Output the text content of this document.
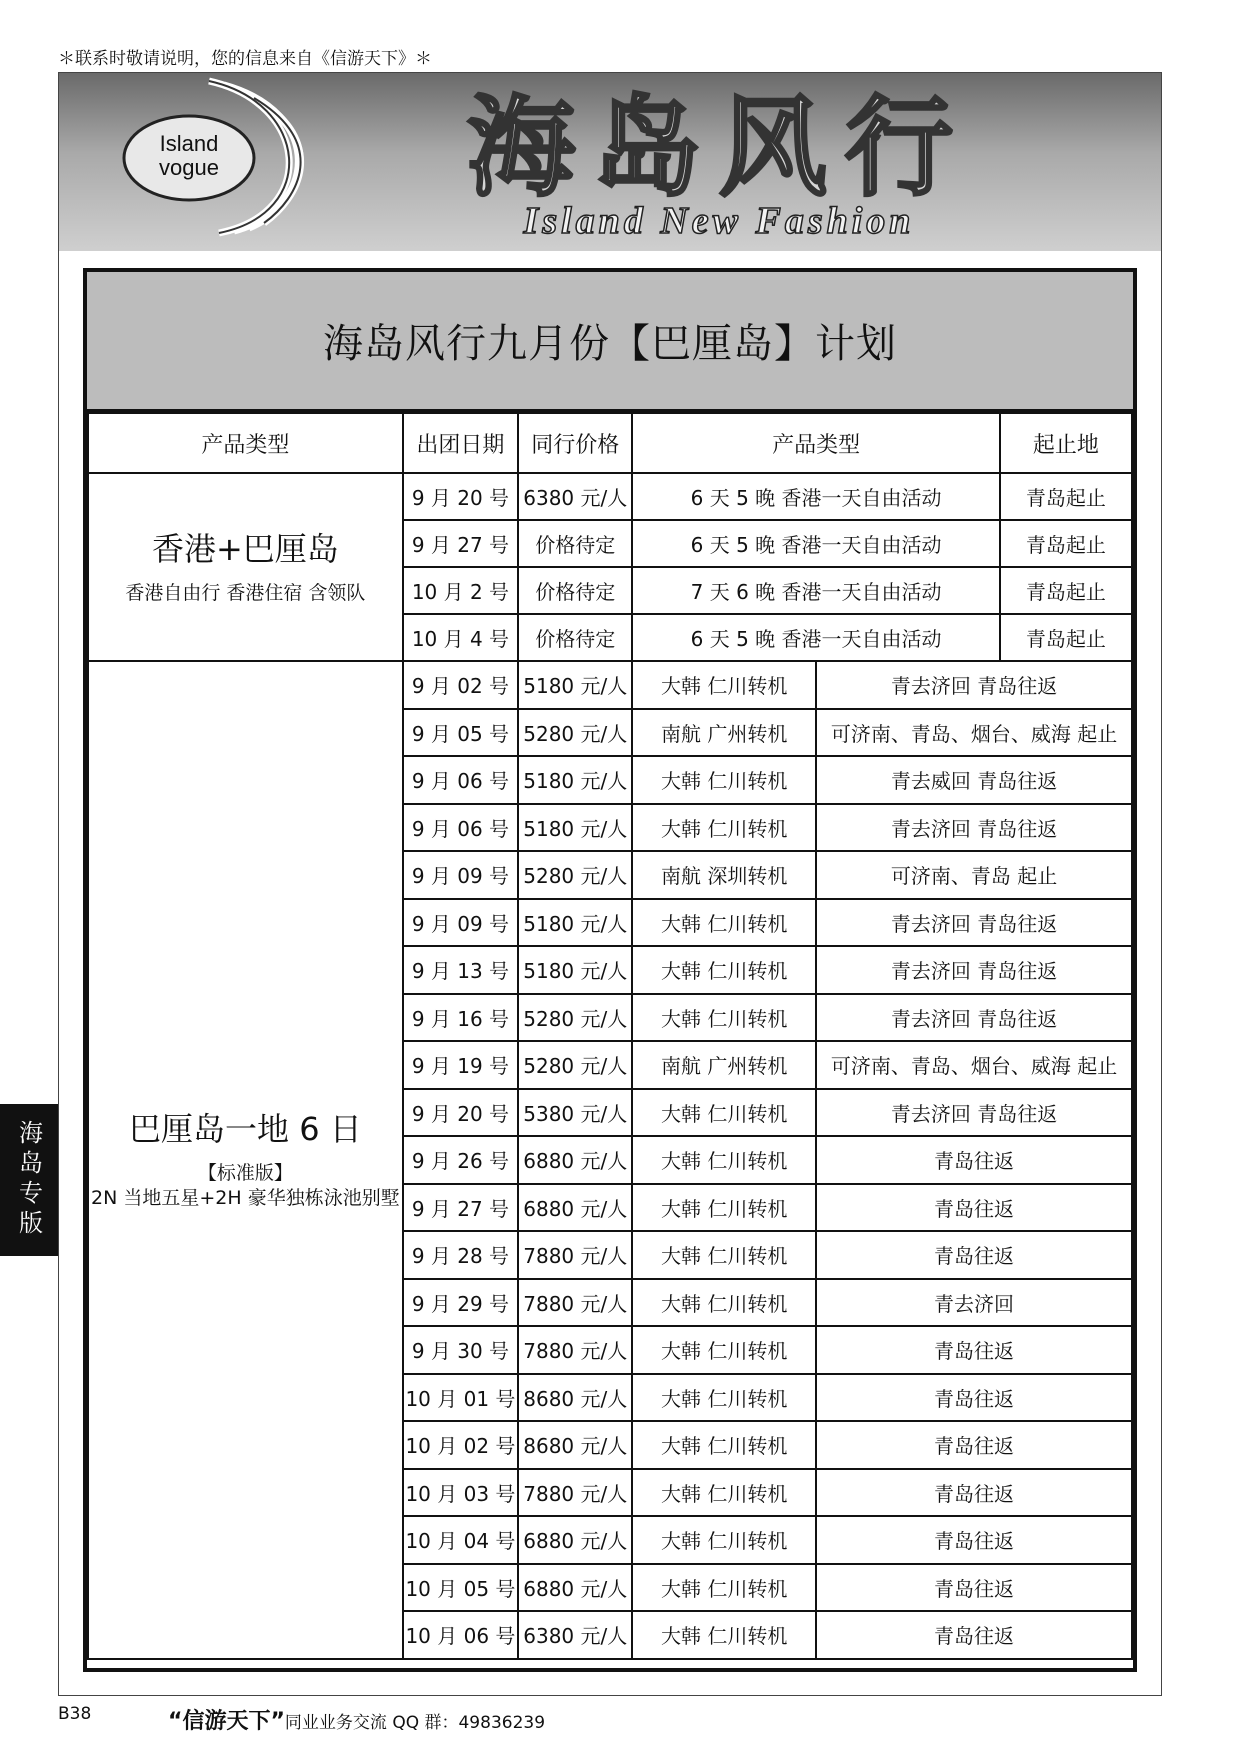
＊联系时敬请说明，您的信息来自《信游天下》＊
Island
vogue 海岛风行
Island New Fashion
海岛风行九月份【巴厘岛】计划
产品类型	出团日期	同行价格	产品类型		起止地

香港+巴厘岛
香港自由行 香港住宿 含领队	9 月 20 号	6380 元/人	6 天 5 晚 香港一天自由活动		青岛起止
	9 月 27 号	价格待定	6 天 5 晚 香港一天自由活动		青岛起止
	10 月 2 号	价格待定	7 天 6 晚 香港一天自由活动		青岛起止
	10 月 4 号	价格待定	6 天 5 晚 香港一天自由活动		青岛起止

巴厘岛一地 6 日
【标准版】
2N 当地五星+2H 豪华独栋泳池别墅	9 月 02 号	5180 元/人	大韩 仁川转机	青去济回 青岛往返	
	9 月 05 号	5280 元/人	南航 广州转机	可济南、青岛、烟台、威海 起止	
	9 月 06 号	5180 元/人	大韩 仁川转机	青去威回 青岛往返	
	9 月 06 号	5180 元/人	大韩 仁川转机	青去济回 青岛往返	
	9 月 09 号	5280 元/人	南航 深圳转机	可济南、青岛 起止	
	9 月 09 号	5180 元/人	大韩 仁川转机	青去济回 青岛往返	
	9 月 13 号	5180 元/人	大韩 仁川转机	青去济回 青岛往返	
	9 月 16 号	5280 元/人	大韩 仁川转机	青去济回 青岛往返	
	9 月 19 号	5280 元/人	南航 广州转机	可济南、青岛、烟台、威海 起止	
	9 月 20 号	5380 元/人	大韩 仁川转机	青去济回 青岛往返	
	9 月 26 号	6880 元/人	大韩 仁川转机	青岛往返	
	9 月 27 号	6880 元/人	大韩 仁川转机	青岛往返	
	9 月 28 号	7880 元/人	大韩 仁川转机	青岛往返	
	9 月 29 号	7880 元/人	大韩 仁川转机	青去济回	
	9 月 30 号	7880 元/人	大韩 仁川转机	青岛往返	
	10 月 01 号	8680 元/人	大韩 仁川转机	青岛往返	
	10 月 02 号	8680 元/人	大韩 仁川转机	青岛往返	
	10 月 03 号	7880 元/人	大韩 仁川转机	青岛往返	
	10 月 04 号	6880 元/人	大韩 仁川转机	青岛往返	
	10 月 05 号	6880 元/人	大韩 仁川转机	青岛往返	
	10 月 06 号	6380 元/人	大韩 仁川转机	青岛往返	
海岛专版
B38	“信游天下”同业业务交流 QQ 群：49836239
